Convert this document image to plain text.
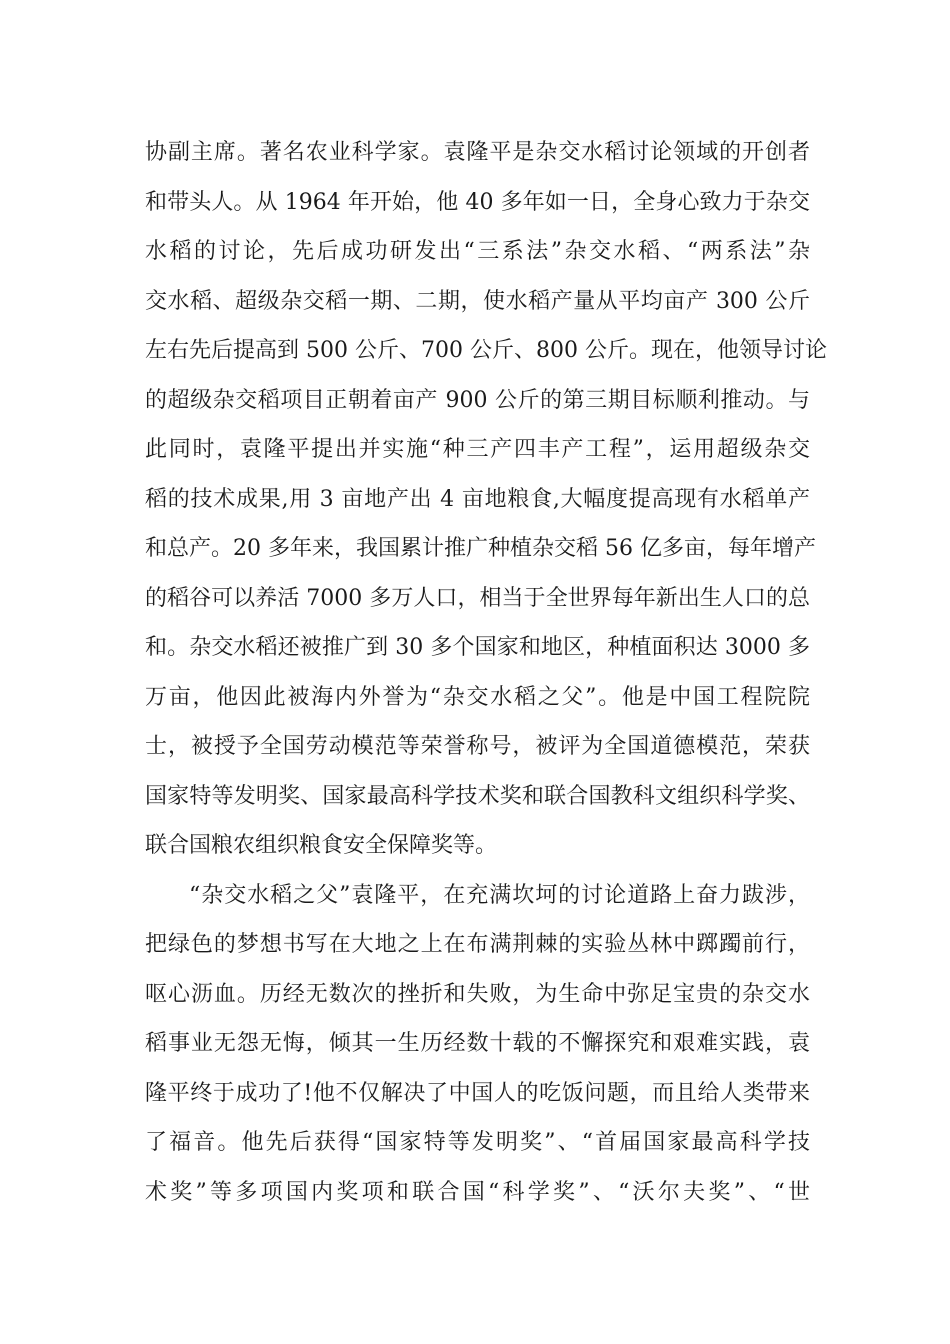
协副主席。著名农业科学家。袁隆平是杂交水稻讨论领域的开创者
和带头人。从 1964 年开始，他 40 多年如一日，全身心致力于杂交
水稻的讨论，先后成功研发出“三系法”杂交水稻、“两系法”杂
交水稻、超级杂交稻一期、二期，使水稻产量从平均亩产 300 公斤
左右先后提高到 500 公斤、700 公斤、800 公斤。现在，他领导讨论
的超级杂交稻项目正朝着亩产 900 公斤的第三期目标顺利推动。与
此同时，袁隆平提出并实施“种三产四丰产工程”，运用超级杂交
稻的技术成果,用 3 亩地产出 4 亩地粮食,大幅度提高现有水稻单产
和总产。20 多年来，我国累计推广种植杂交稻 56 亿多亩，每年增产
的稻谷可以养活 7000 多万人口，相当于全世界每年新出生人口的总
和。杂交水稻还被推广到 30 多个国家和地区，种植面积达 3000 多
万亩，他因此被海内外誉为“杂交水稻之父”。他是中国工程院院
士，被授予全国劳动模范等荣誉称号，被评为全国道德模范，荣获
国家特等发明奖、国家最高科学技术奖和联合国教科文组织科学奖、
联合国粮农组织粮食安全保障奖等。
“杂交水稻之父”袁隆平，在充满坎坷的讨论道路上奋力跋涉，
把绿色的梦想书写在大地之上在布满荆棘的实验丛林中踯躅前行，
呕心沥血。历经无数次的挫折和失败，为生命中弥足宝贵的杂交水
稻事业无怨无悔，倾其一生历经数十载的不懈探究和艰难实践，袁
隆平终于成功了!他不仅解决了中国人的吃饭问题，而且给人类带来
了福音。他先后获得“国家特等发明奖”、“首届国家最高科学技
术奖”等多项国内奖项和联合国“科学奖”、“沃尔夫奖”、“世
